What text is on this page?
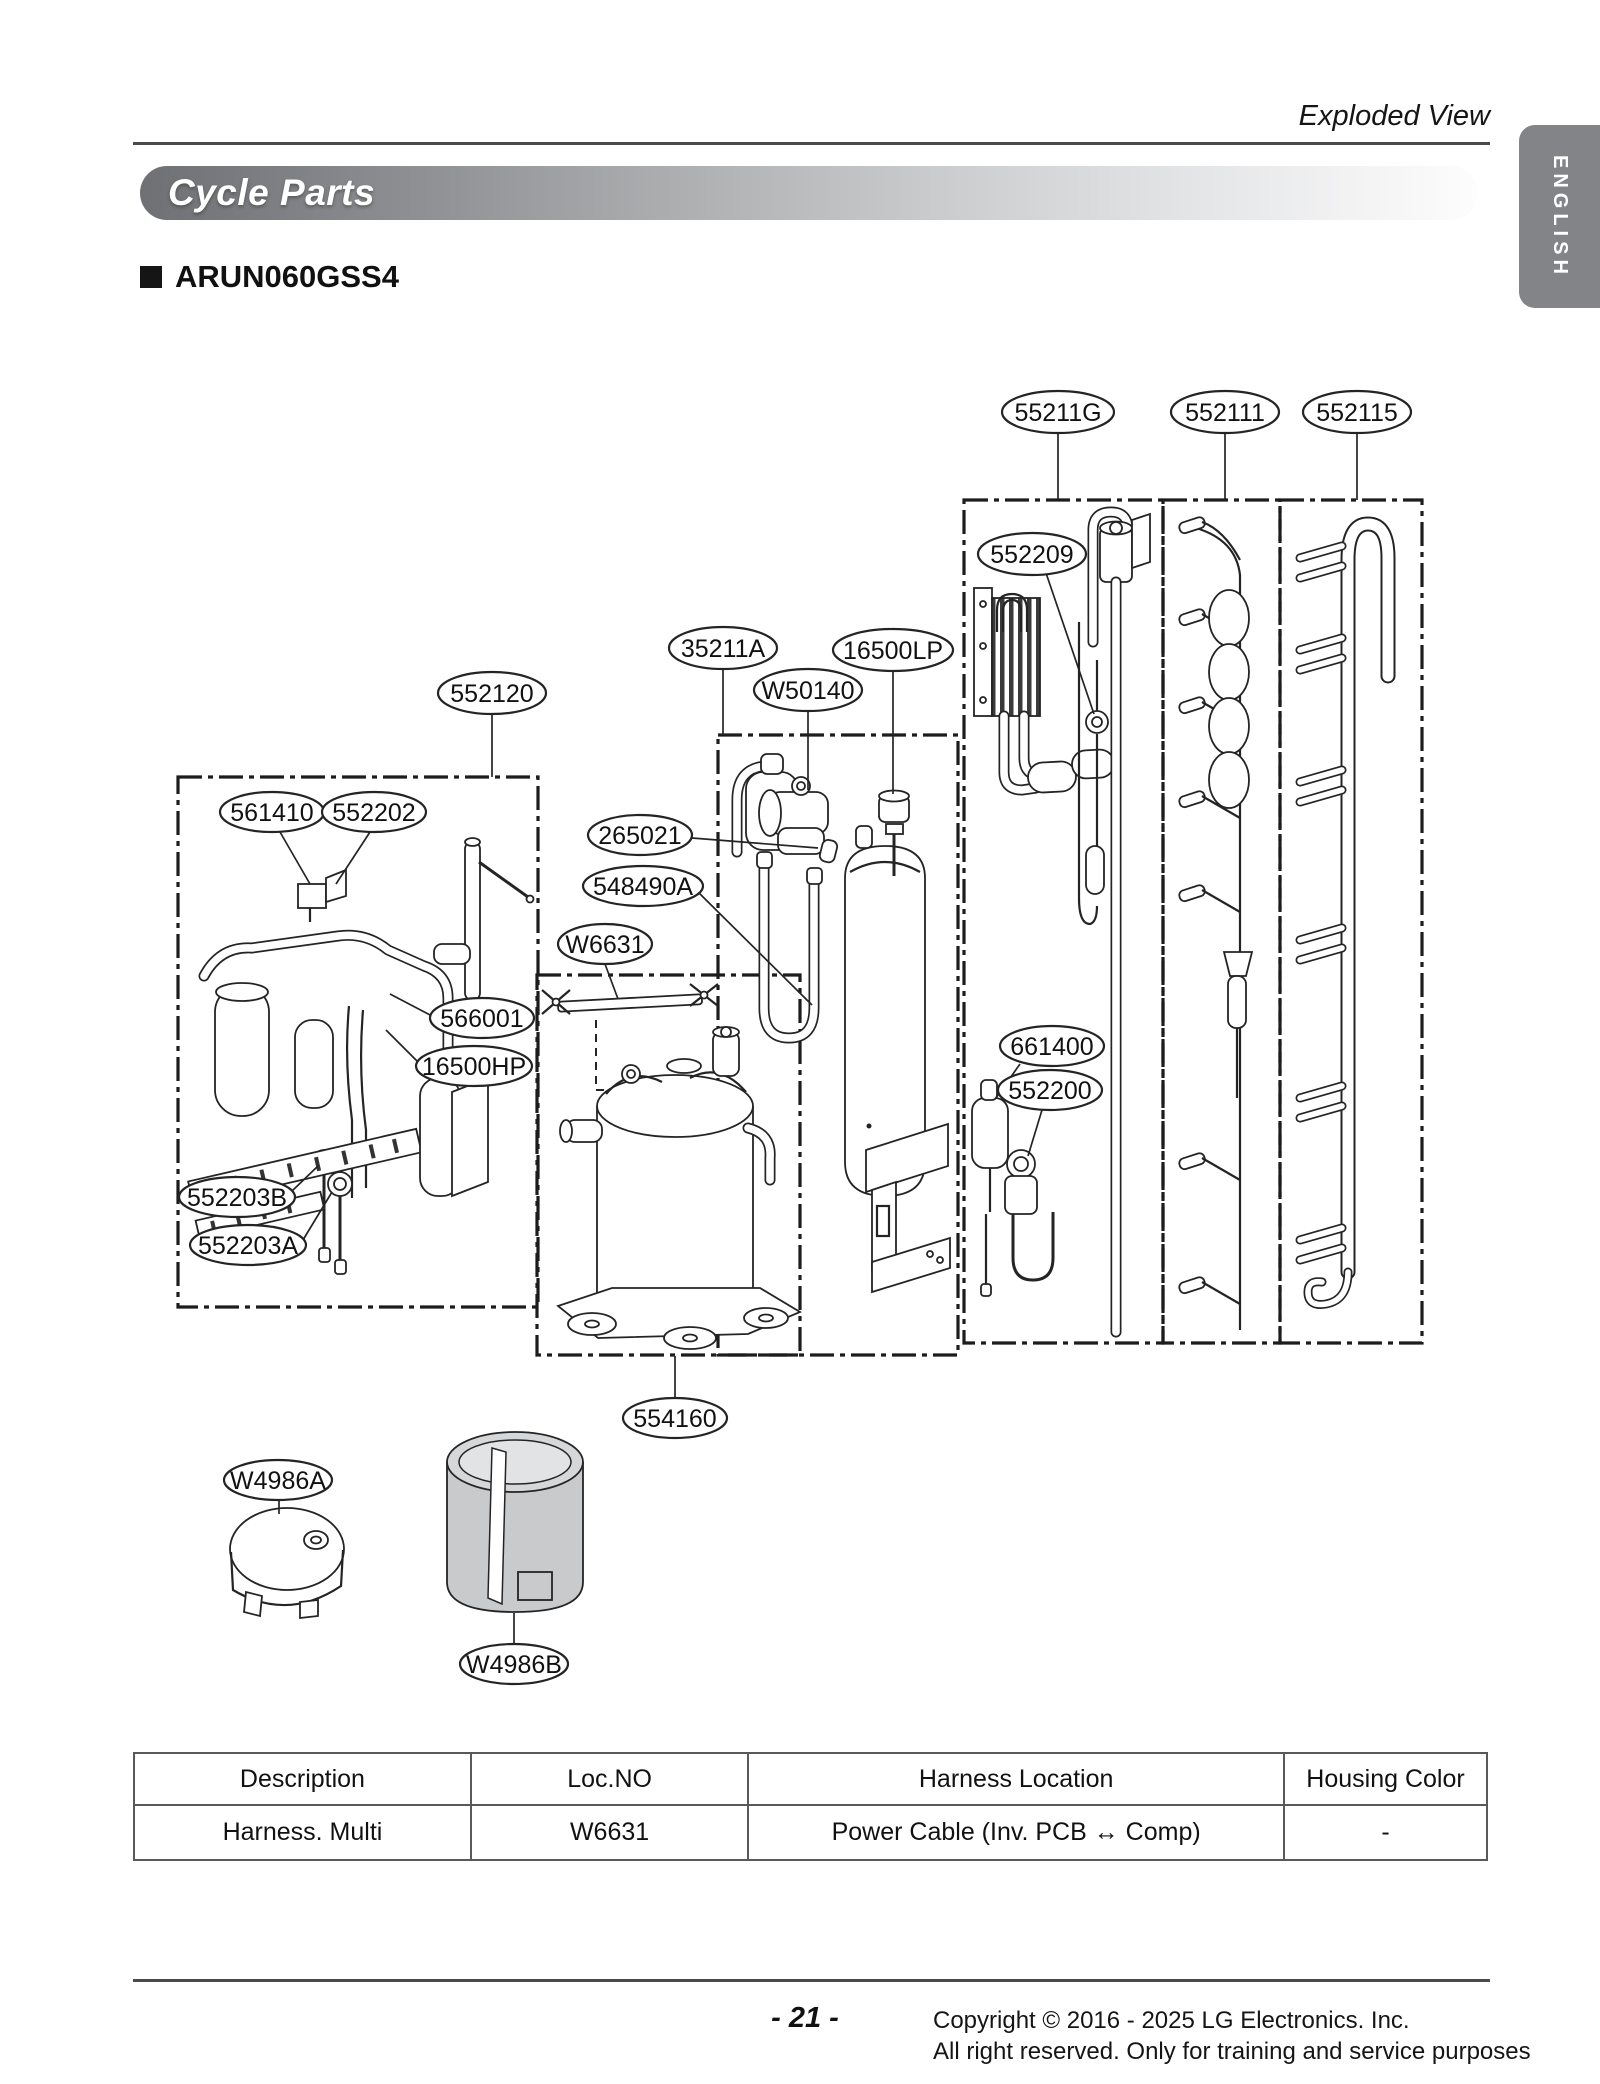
Exploded View
Cycle Parts
ARUN060GSS4	ENGLISH
55211G	552111 552115
552209
35211A	16500LP
W50140
552120
561410 552202
265021
548490A
W6631
566001
16500HP
661400
552200
552203B
552203A
554160
W4986A
W4986B
Description	Loc.NO	Harness Location	Housing Color
Harness. Multi	W6631	Power Cable (Inv. PCB ↔ Comp)	-
- 21 -	Copyright © 2016 - 2025 LG Electronics. Inc.
All right reserved. Only for training and service purposes
